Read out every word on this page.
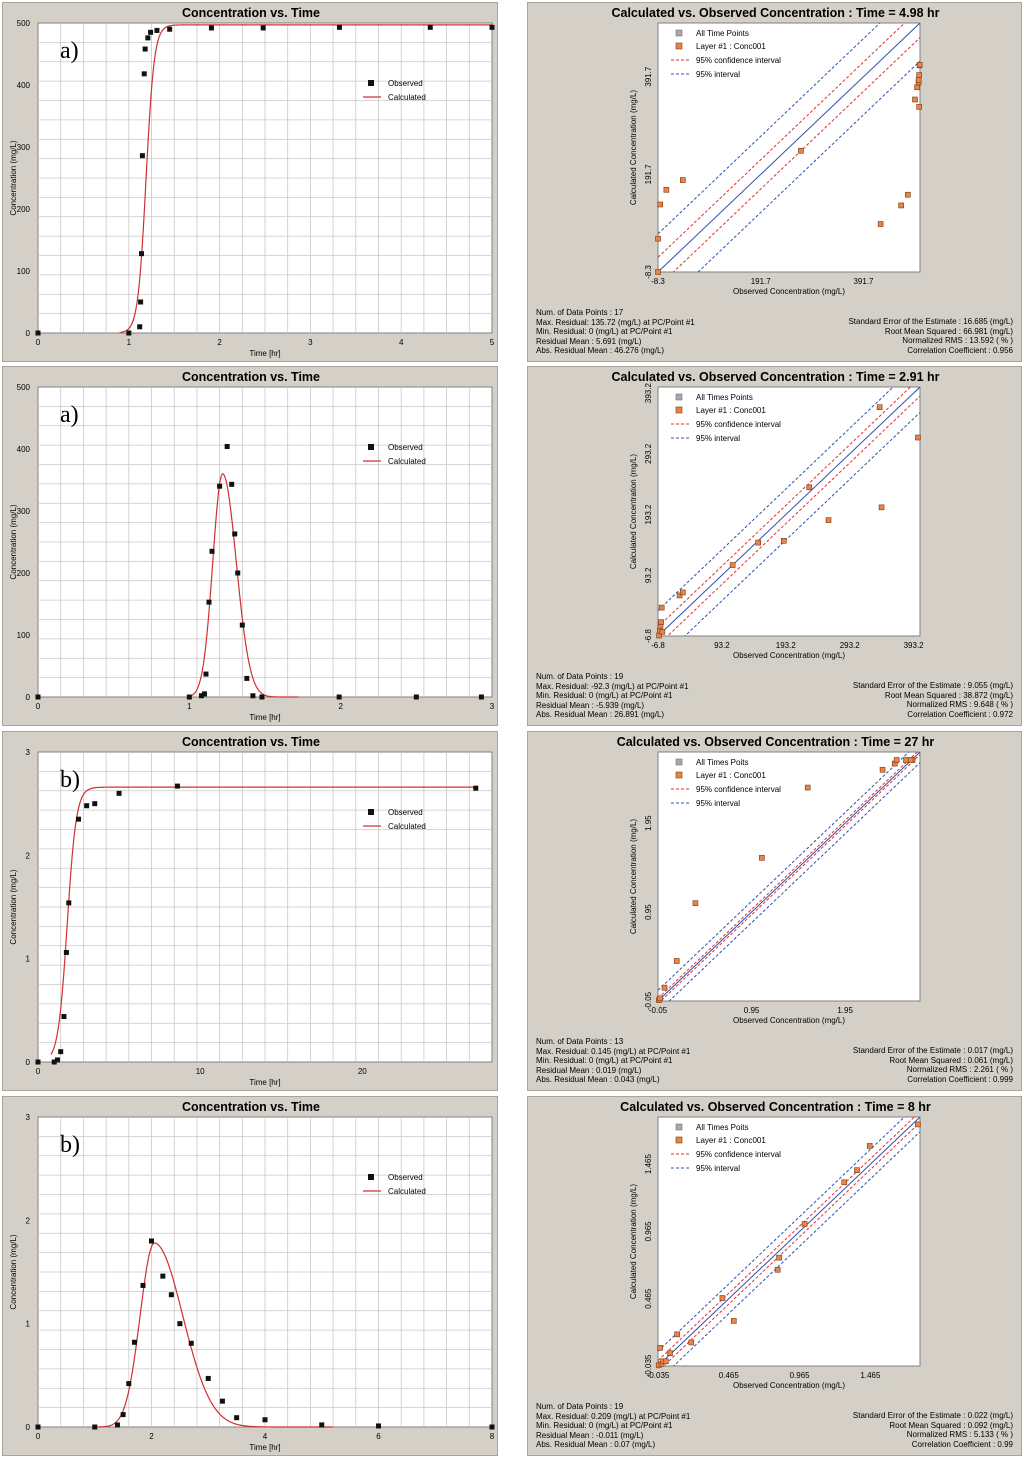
Concentration vs. Time
0	1	2	3	4	5
0
100
200
300
400
500
Time [hr]
Concentration (mg/L)
a)
Observed
Calculated
Calculated vs. Observed Concentration : Time = 4.98 hr
-8.3	191.7	391.7
-8.3
191.7
391.7
Observed Concentration (mg/L)
Calculated Concentration (mg/L)
All Time Points
Layer #1 : Conc001
95% confidence interval
95% interval
Num. of Data Points : 17
Max. Residual: 135.72 (mg/L) at PC/Point #1
Min. Residual: 0 (mg/L) at PC/Point #1
Residual Mean : 5.691 (mg/L)
Abs. Residual Mean : 46.276 (mg/L)
Standard Error of the Estimate : 16.685 (mg/L)
Root Mean Squared : 66.981 (mg/L)
Normalized RMS : 13.592 ( % )
Correlation Coefficient : 0.956
Concentration vs. Time
0	1	2	3
0
100
200
300
400
500
Time [hr]
Concentration (mg/L)
a)
Observed
Calculated
Calculated vs. Observed Concentration : Time = 2.91 hr
-6.8	93.2	193.2	293.2	393.2
-6.8
93.2
193.2
293.2
393.2
Observed Concentration (mg/L)
Calculated Concentration (mg/L)
All Times Points
Layer #1 : Conc001
95% confidence interval
95% interval
Num. of Data Points : 19
Max. Residual: -92.3 (mg/L) at PC/Point #1
Min. Residual: 0 (mg/L) at PC/Point #1
Residual Mean : -5.939 (mg/L)
Abs. Residual Mean : 26.891 (mg/L)
Standard Error of the Estimate : 9.055 (mg/L)
Root Mean Squared : 38.872 (mg/L)
Normalized RMS : 9.648 ( % )
Correlation Coefficient : 0.972
Concentration vs. Time
0	10	20
0
1
2
3
Time [hr]
Concentration (mg/L)
b)
Observed
Calculated
Calculated vs. Observed Concentration : Time = 27 hr
-0.05	0.95	1.95
-0.05
0.95
1.95
Observed Concentration (mg/L)
Calculated Concentration (mg/L)
All Times Poits
Layer #1 : Conc001
95% confidence interval
95% interval
Num. of Data Points : 13
Max. Residual: 0.145 (mg/L) at PC/Point #1
Min. Residual: 0 (mg/L) at PC/Point #1
Residual Mean : 0.019 (mg/L)
Abs. Residual Mean : 0.043 (mg/L)
Standard Error of the Estimate : 0.017 (mg/L)
Root Mean Squared : 0.061 (mg/L)
Normalized RMS : 2.261 ( % )
Correlation Coefficient : 0.999
Concentration vs. Time
0	2	4	6	8
0
1
2
3
Time [hr]
Concentration (mg/L)
b)
Observed
Calculated
Calculated vs. Observed Concentration : Time = 8 hr
-0.035	0.465	0.965	1.465
-0.035
0.465
0.965
1.465
Observed Concentration (mg/L)
Calculated Concentration (mg/L)
All Times Poits
Layer #1 : Conc001
95% confidence interval
95% interval
Num. of Data Points : 19
Max. Residual: 0.209 (mg/L) at PC/Point #1
Min. Residual: 0 (mg/L) at PC/Point #1
Residual Mean : -0.011 (mg/L)
Abs. Residual Mean : 0.07 (mg/L)
Standard Error of the Estimate : 0.022 (mg/L)
Root Mean Squared : 0.092 (mg/L)
Normalized RMS : 5.133 ( % )
Correlation Coefficient : 0.99
